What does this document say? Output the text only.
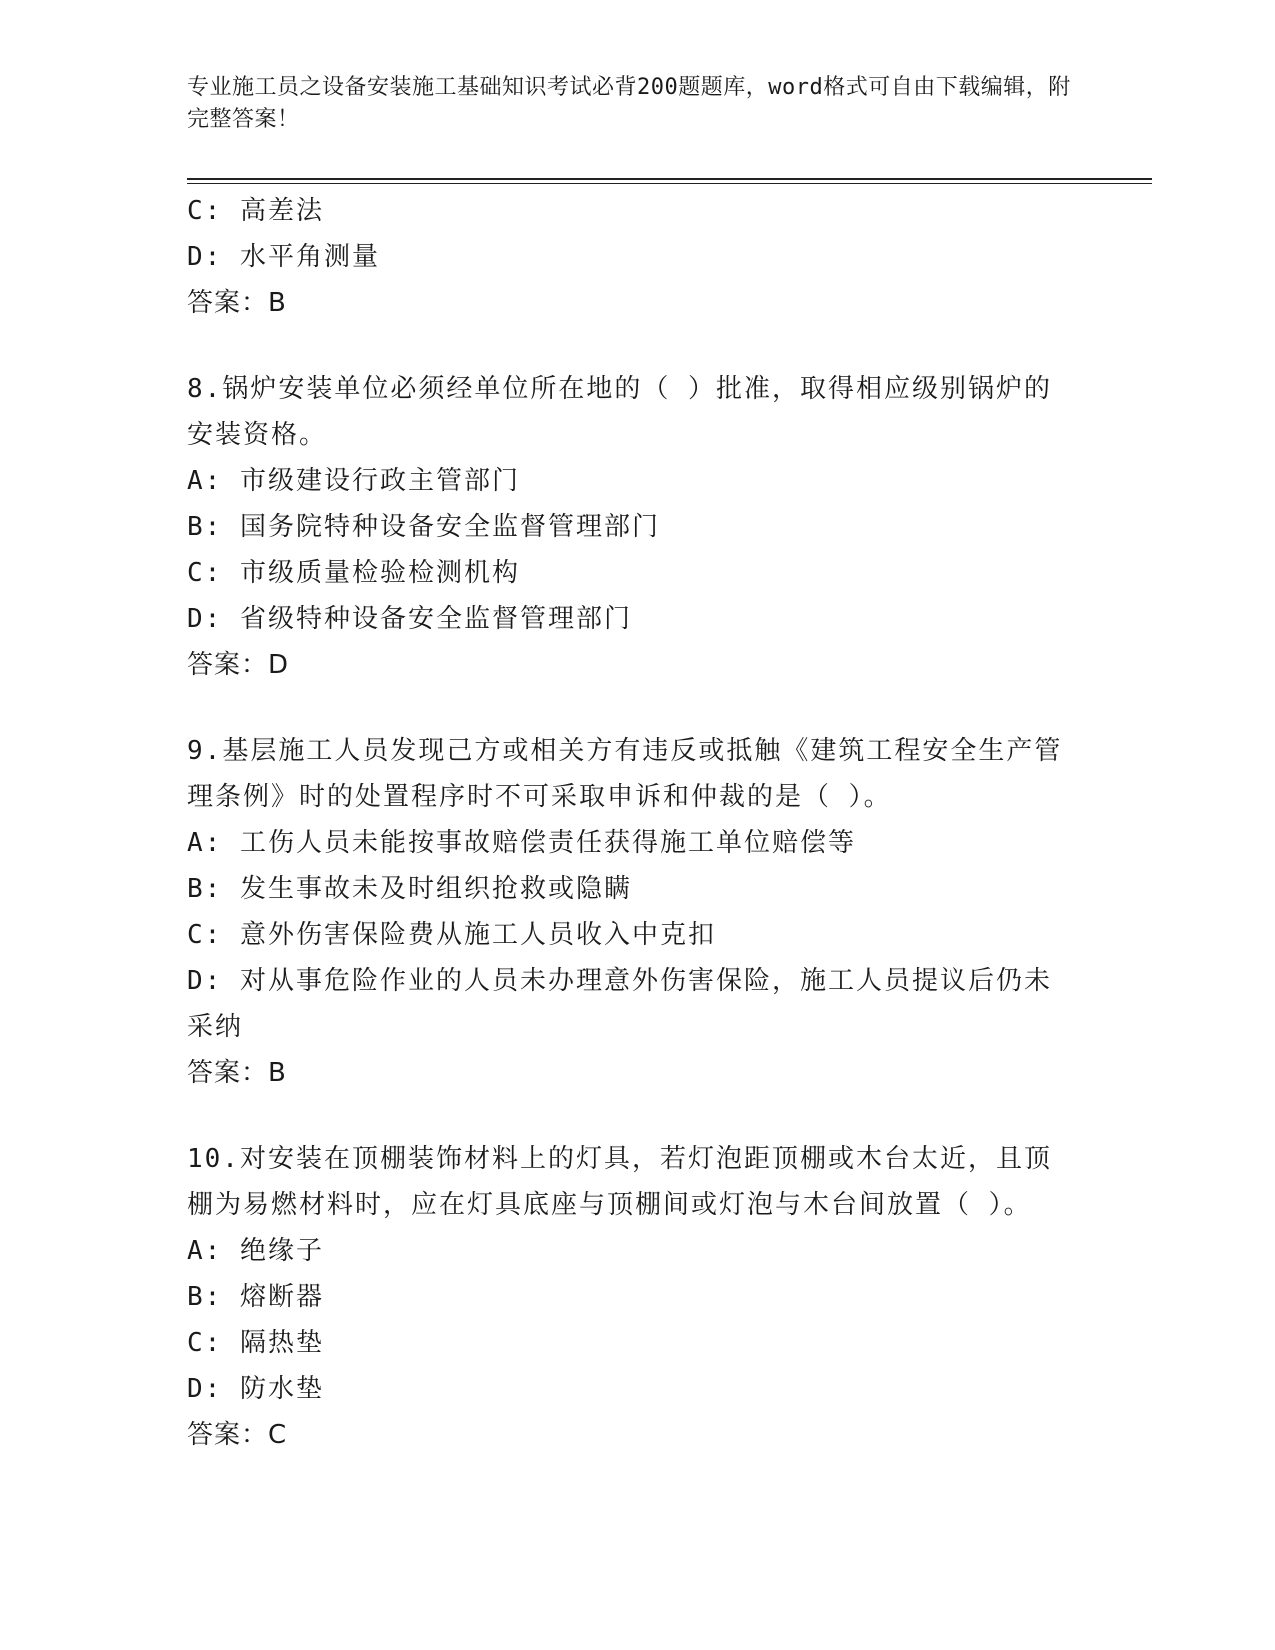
专业施工员之设备安装施工基础知识考试必背200题题库，word格式可自由下载编辑，附完整答案！
C: 高差法
D: 水平角测量
答案：B
8.锅炉安装单位必须经单位所在地的（ ）批准，取得相应级别锅炉的安装资格。
A: 市级建设行政主管部门
B: 国务院特种设备安全监督管理部门
C: 市级质量检验检测机构
D: 省级特种设备安全监督管理部门
答案：D
9.基层施工人员发现己方或相关方有违反或抵触《建筑工程安全生产管理条例》时的处置程序时不可采取申诉和仲裁的是（ ）。
A: 工伤人员未能按事故赔偿责任获得施工单位赔偿等
B: 发生事故未及时组织抢救或隐瞒
C: 意外伤害保险费从施工人员收入中克扣
D: 对从事危险作业的人员未办理意外伤害保险，施工人员提议后仍未采纳
答案：B
10.对安装在顶棚装饰材料上的灯具，若灯泡距顶棚或木台太近，且顶棚为易燃材料时，应在灯具底座与顶棚间或灯泡与木台间放置（ ）。
A: 绝缘子
B: 熔断器
C: 隔热垫
D: 防水垫
答案：C
